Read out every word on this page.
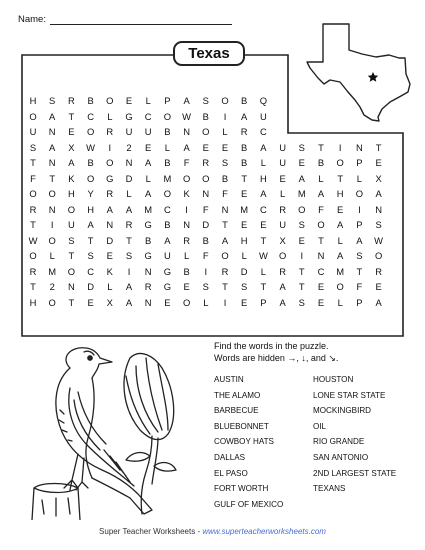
Name:
Texas
H	S	R	B	O	E	L	P	A	S	O	B	Q
O	A	T	C	L	G C O W	B	I	A	U
U N	E	O R U U	B	N O	L	R C
S	A	X	W	I	2	E	L	A	E	E	B	A	U	S	T	I	N	T
T	N	A	B	O N	A	B	F	R	S	B	L	U	E	B	O	P	E
F	T	K	O G D	L	M O O	B	T	H	E	A	L	T	L	X
O O H	Y	R	L	A	O	K	N	F	E	A	L	M	A	H O	A
R N O H	A	A	M C	I	F	N M C R O	F	E	I	N
T	I	U	A	N R G	B	N D	T	E	E	U	S	O	A	P	S
W O	S	T	D	T	B	A	R	B	A	H	T	X	E	T	L	A	W
O	L	T	S	E	S	G U	L	F	O	L	W O	I	N	A	S	O
R M O C	K	I	N G	B	I	R D	L	R	T	C M	T	R
T	2	N D	L	A	R G	E	S	T	S	T	A	T	E	O	F	E
H O	T	E	X	A	N	E	O	L	I	E	P	A	S	E	L	P	A
Find the words in the puzzle.
Words are hidden →, ↓, and ↘.
AUSTIN
THE ALAMO
BARBECUE
BLUEBONNET
COWBOY HATS
DALLAS
EL PASO
FORT WORTH
GULF OF MEXICO
HOUSTON
LONE STAR STATE
MOCKINGBIRD
OIL
RIO GRANDE
SAN ANTONIO
2ND LARGEST STATE
TEXANS
Super Teacher Worksheets - www.superteacherworksheets.com
